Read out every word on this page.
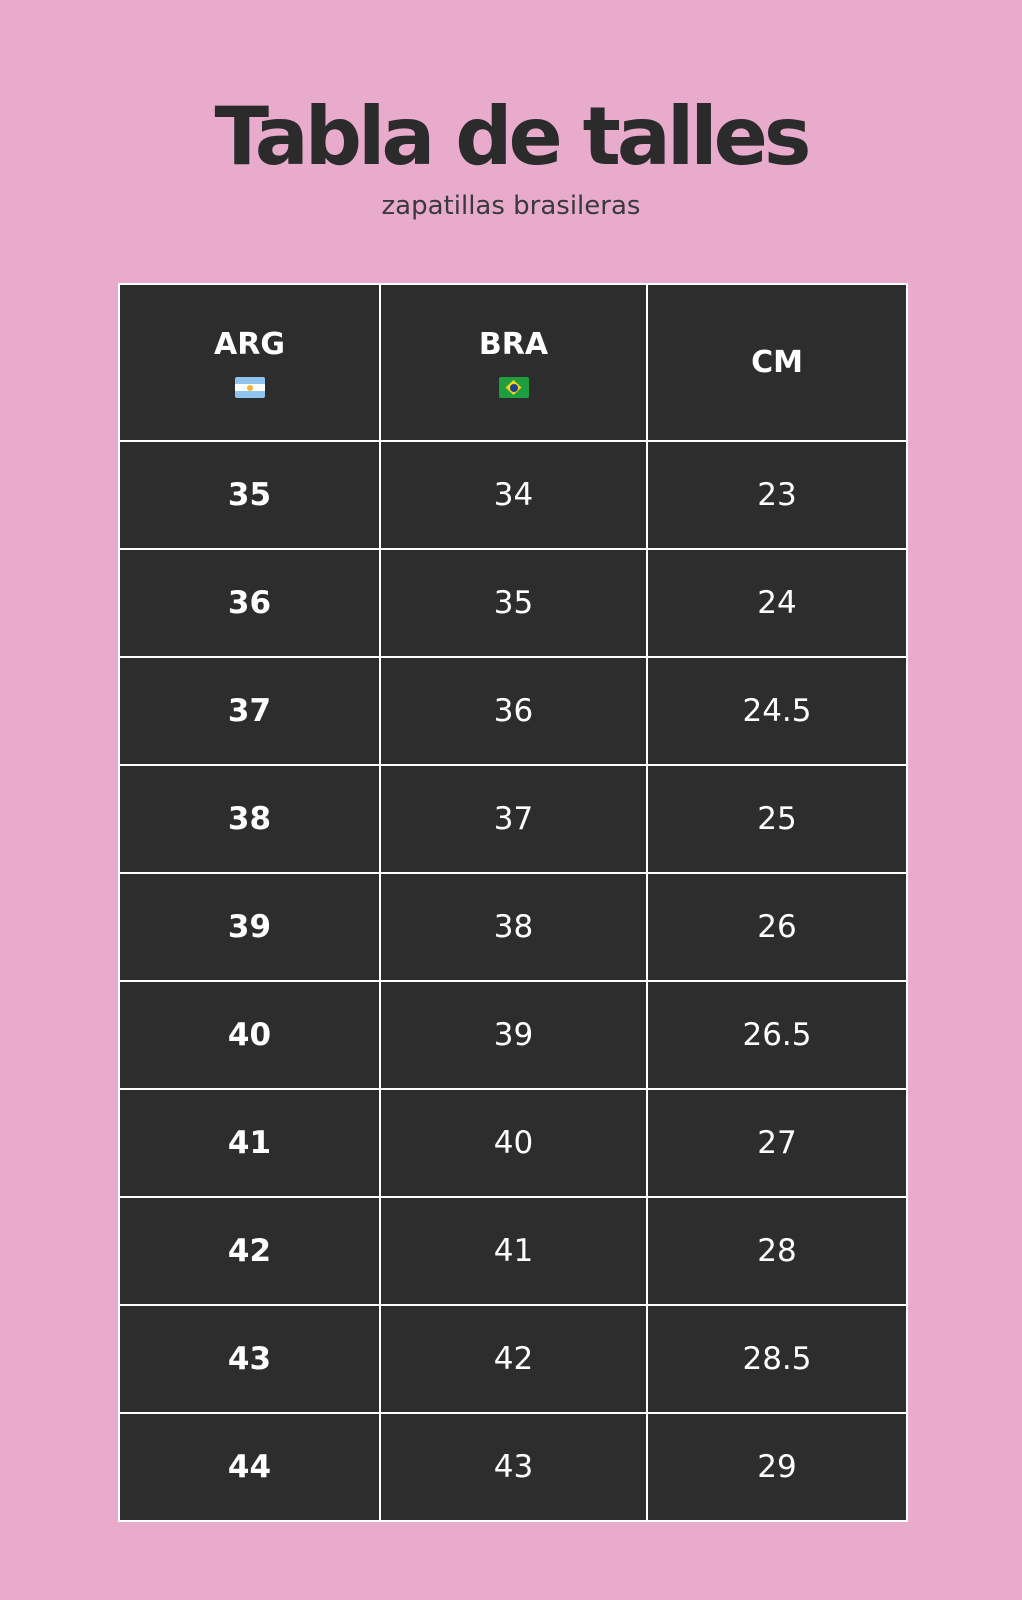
Tabla de talles

zapatillas brasileras

ARG	BRA	CM

35	34	23
36	35	24
37	36	24.5
38	37	25
39	38	26
40	39	26.5
41	40	27
42	41	28
43	42	28.5
44	43	29
